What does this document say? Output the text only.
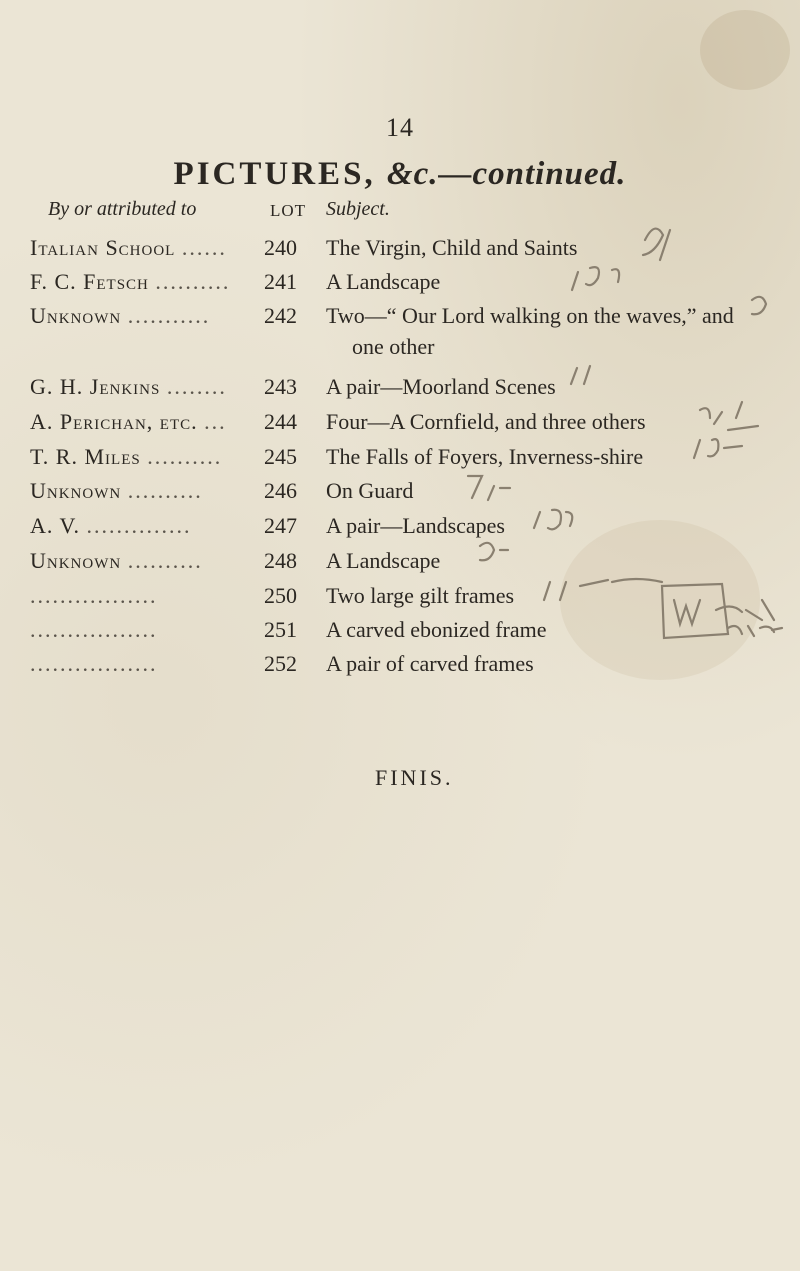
14
PICTURES, &c.—continued.
By or attributed to	LOT Subject.
Italian School ......	240	The Virgin, Child and Saints
F. C. Fetsch ..........	241	A Landscape
Unknown ...........	242	Two—“ Our Lord walking on the waves,” and
one other
G. H. Jenkins ........	243	A pair—Moorland Scenes
A. Perichan, etc. ...	244	Four—A Cornfield, and three others
T. R. Miles ..........	245	The Falls of Foyers, Inverness-shire
Unknown ..........	246	On Guard
A. V. ..............	247	A pair—Landscapes
Unknown ..........	248	A Landscape
.................	250	Two large gilt frames
.................	251	A carved ebonized frame
.................	252	A pair of carved frames
FINIS.
